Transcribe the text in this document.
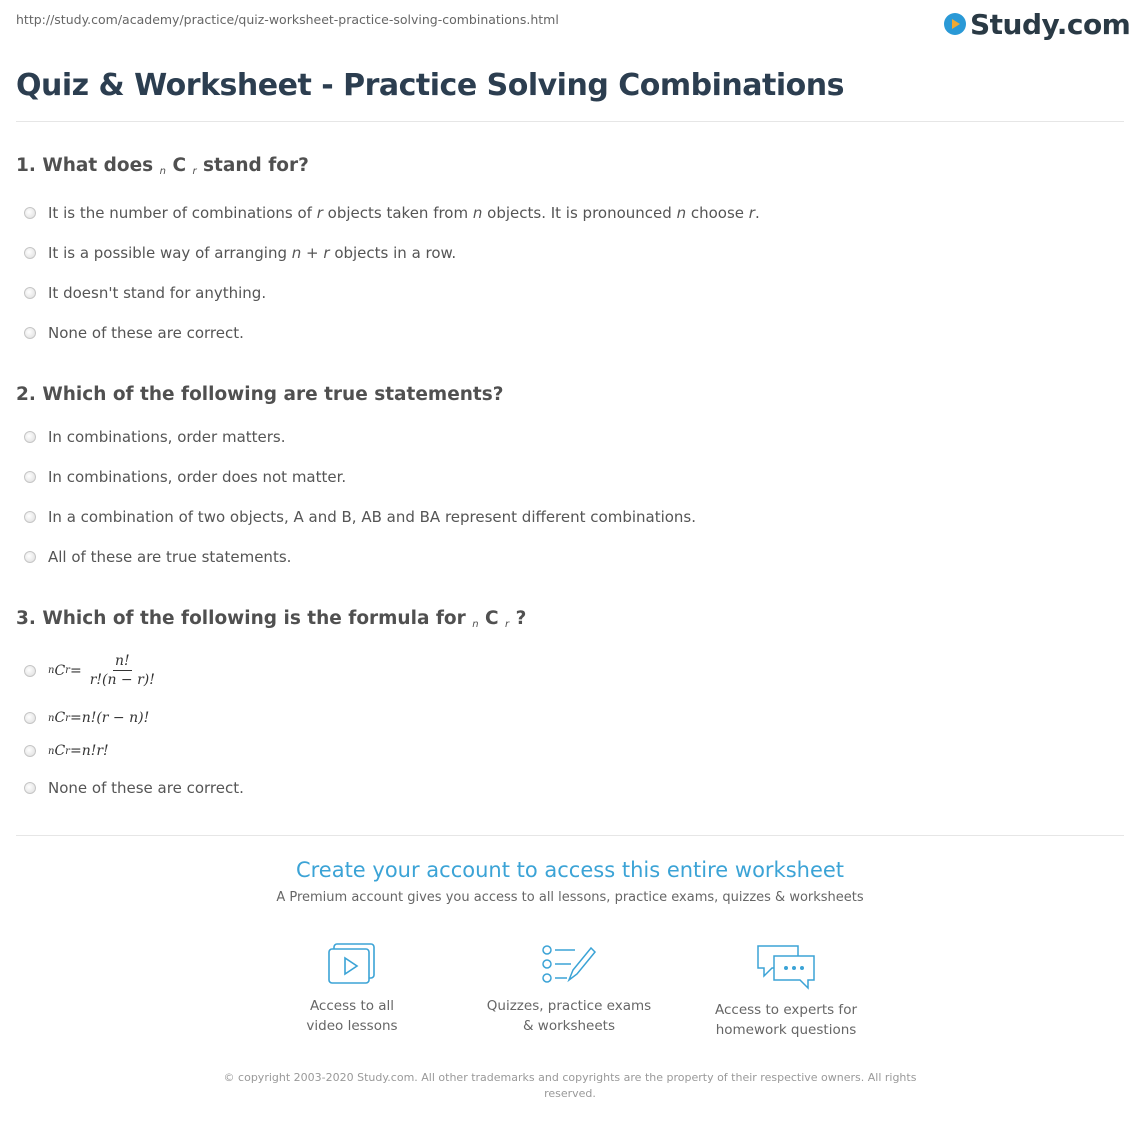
http://study.com/academy/practice/quiz-worksheet-practice-solving-combinations.html	Study.com
Quiz & Worksheet - Practice Solving Combinations
1. What does $_n$ C $_r$ stand for?
It is the number of combinations of r objects taken from n objects. It is pronounced n choose r.
It is a possible way of arranging n + r objects in a row.
It doesn't stand for anything.
None of these are correct.
2. Which of the following are true statements?
In combinations, order matters.
In combinations, order does not matter.
In a combination of two objects, A and B, AB and BA represent different combinations.
All of these are true statements.
3. Which of the following is the formula for $_n$ C $_r$ ?
n C $r = \frac{n!}{r!(n - r)!}$
n C r = n!(r − n)!
n C r = n!r!
None of these are correct.
Create your account to access this entire worksheet
A Premium account gives you access to all lessons, practice exams, quizzes & worksheets
Access to all
video lessons
Quizzes, practice exams
& worksheets
Access to experts for
homework questions
© copyright 2003-2020 Study.com. All other trademarks and copyrights are the property of their respective owners. All rights reserved.
